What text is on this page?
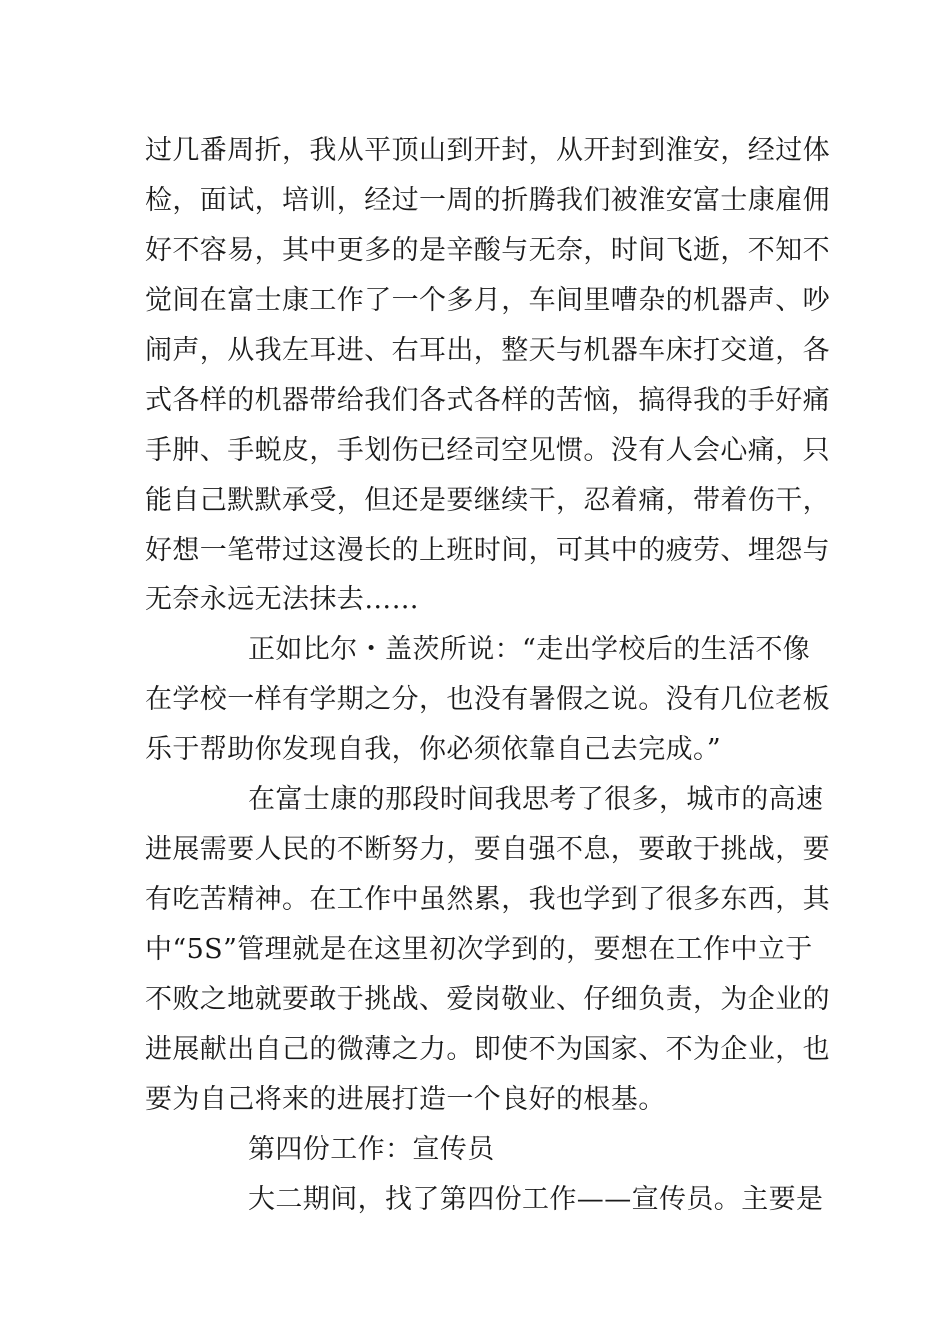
过几番周折，我从平顶山到开封，从开封到淮安，经过体
检，面试，培训，经过一周的折腾我们被淮安富士康雇佣
好不容易，其中更多的是辛酸与无奈，时间飞逝，不知不
觉间在富士康工作了一个多月，车间里嘈杂的机器声、吵
闹声，从我左耳进、右耳出，整天与机器车床打交道，各
式各样的机器带给我们各式各样的苦恼，搞得我的手好痛
手肿、手蜕皮，手划伤已经司空见惯。没有人会心痛，只
能自己默默承受，但还是要继续干，忍着痛，带着伤干，
好想一笔带过这漫长的上班时间，可其中的疲劳、埋怨与
无奈永远无法抹去……
正如比尔・盖茨所说：“走出学校后的生活不像
在学校一样有学期之分，也没有暑假之说。没有几位老板
乐于帮助你发现自我，你必须依靠自己去完成。”
在富士康的那段时间我思考了很多，城市的高速
进展需要人民的不断努力，要自强不息，要敢于挑战，要
有吃苦精神。在工作中虽然累，我也学到了很多东西，其
中“5S”管理就是在这里初次学到的，要想在工作中立于
不败之地就要敢于挑战、爱岗敬业、仔细负责，为企业的
进展献出自己的微薄之力。即使不为国家、不为企业，也
要为自己将来的进展打造一个良好的根基。
第四份工作：宣传员
大二期间，找了第四份工作——宣传员。主要是
